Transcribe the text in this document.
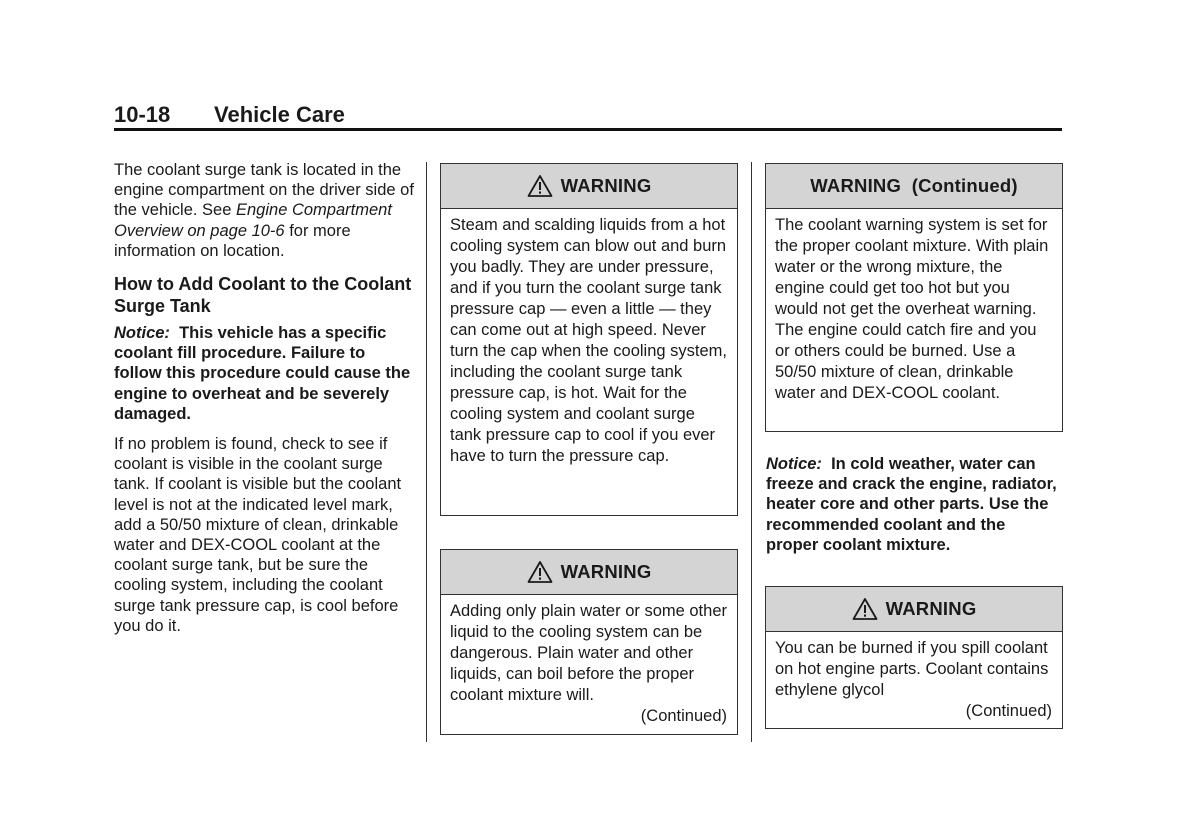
10-18 Vehicle Care

The coolant surge tank is located in the engine compartment on the driver side of the vehicle. See Engine Compartment Overview on page 10-6 for more information on location.

How to Add Coolant to the Coolant Surge Tank

Notice: This vehicle has a specific coolant fill procedure. Failure to follow this procedure could cause the engine to overheat and be severely damaged.

If no problem is found, check to see if coolant is visible in the coolant surge tank. If coolant is visible but the coolant level is not at the indicated level mark, add a 50/50 mixture of clean, drinkable water and DEX-COOL coolant at the coolant surge tank, but be sure the cooling system, including the coolant surge tank pressure cap, is cool before you do it.

WARNING
Steam and scalding liquids from a hot cooling system can blow out and burn you badly. They are under pressure, and if you turn the coolant surge tank pressure cap — even a little — they can come out at high speed. Never turn the cap when the cooling system, including the coolant surge tank pressure cap, is hot. Wait for the cooling system and coolant surge tank pressure cap to cool if you ever have to turn the pressure cap.
WARNING
Adding only plain water or some other liquid to the cooling system can be dangerous. Plain water and other liquids, can boil before the proper coolant mixture will.
(Continued)
WARNING  (Continued)
The coolant warning system is set for the proper coolant mixture. With plain water or the wrong mixture, the engine could get too hot but you would not get the overheat warning. The engine could catch fire and you or others could be burned. Use a 50/50 mixture of clean, drinkable water and DEX-COOL coolant.
Notice: In cold weather, water can freeze and crack the engine, radiator, heater core and other parts. Use the recommended coolant and the proper coolant mixture.
WARNING
You can be burned if you spill coolant on hot engine parts. Coolant contains ethylene glycol
(Continued)
